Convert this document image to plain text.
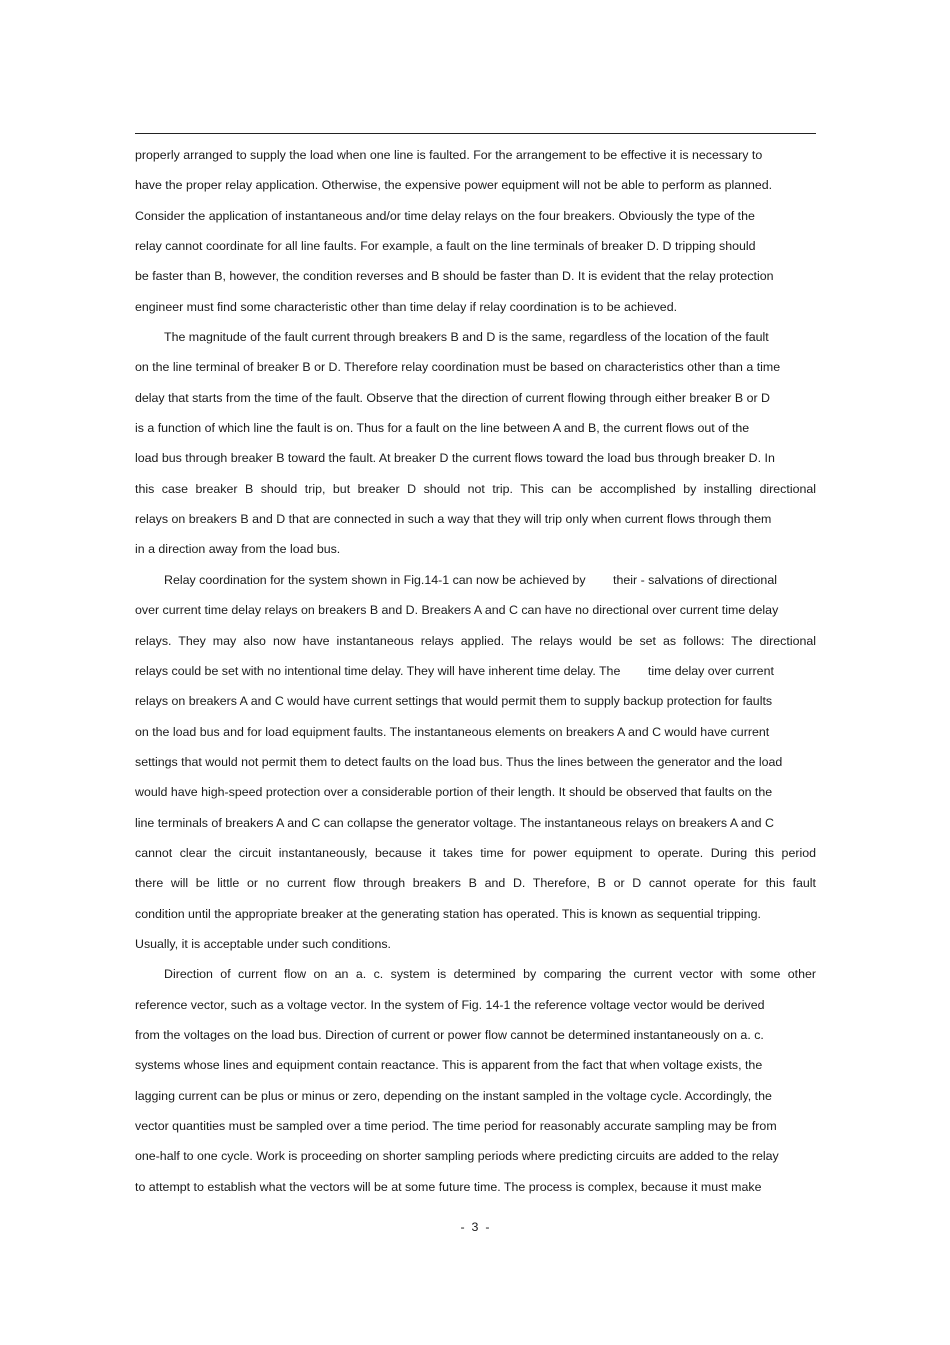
properly arranged to supply the load when one line is faulted. For the arrangement to be effective it is necessary to
have the proper relay application. Otherwise, the expensive power equipment will not be able to perform as planned.
Consider the application of instantaneous and/or time delay relays on the four breakers. Obviously the type of the
relay cannot coordinate for all line faults. For example, a fault on the line terminals of breaker D. D tripping should
be faster than B, however, the condition reverses and B should be faster than D. It is evident that the relay protection
engineer must find some characteristic other than time delay if relay coordination is to be achieved.
The magnitude of the fault current through breakers B and D is the same, regardless of the location of the fault
on the line terminal of breaker B or D. Therefore relay coordination must be based on characteristics other than a time
delay that starts from the time of the fault. Observe that the direction of current flowing through either breaker B or D
is a function of which line the fault is on. Thus for a fault on the line between A and B, the current flows out of the
load bus through breaker B toward the fault. At breaker D the current flows toward the load bus through breaker D. In
this case breaker B should trip, but breaker D should not trip. This can be accomplished by installing directional
relays on breakers B and D that are connected in such a way that they will trip only when current flows through them
in a direction away from the load bus.
Relay coordination for the system shown in Fig.14-1 can now be achieved by        their - salvations of directional
over current time delay relays on breakers B and D. Breakers A and C can have no directional over current time delay
relays. They may also now have instantaneous relays applied. The relays would be set as follows: The directional
relays could be set with no intentional time delay. They will have inherent time delay. The        time delay over current
relays on breakers A and C would have current settings that would permit them to supply backup protection for faults
on the load bus and for load equipment faults. The instantaneous elements on breakers A and C would have current
settings that would not permit them to detect faults on the load bus. Thus the lines between the generator and the load
would have high-speed protection over a considerable portion of their length. It should be observed that faults on the
line terminals of breakers A and C can collapse the generator voltage. The instantaneous relays on breakers A and C
cannot clear the circuit instantaneously, because it takes time for power equipment to operate. During this period
there will be little or no current flow through breakers B and D. Therefore, B or D cannot operate for this fault
condition until the appropriate breaker at the generating station has operated. This is known as sequential tripping.
Usually, it is acceptable under such conditions.
Direction of current flow on an a. c. system is determined by comparing the current vector with some other
reference vector, such as a voltage vector. In the system of Fig. 14-1 the reference voltage vector would be derived
from the voltages on the load bus. Direction of current or power flow cannot be determined instantaneously on a. c.
systems whose lines and equipment contain reactance. This is apparent from the fact that when voltage exists, the
lagging current can be plus or minus or zero, depending on the instant sampled in the voltage cycle. Accordingly, the
vector quantities must be sampled over a time period. The time period for reasonably accurate sampling may be from
one-half to one cycle. Work is proceeding on shorter sampling periods where predicting circuits are added to the relay
to attempt to establish what the vectors will be at some future time. The process is complex, because it must make
-  3  -
